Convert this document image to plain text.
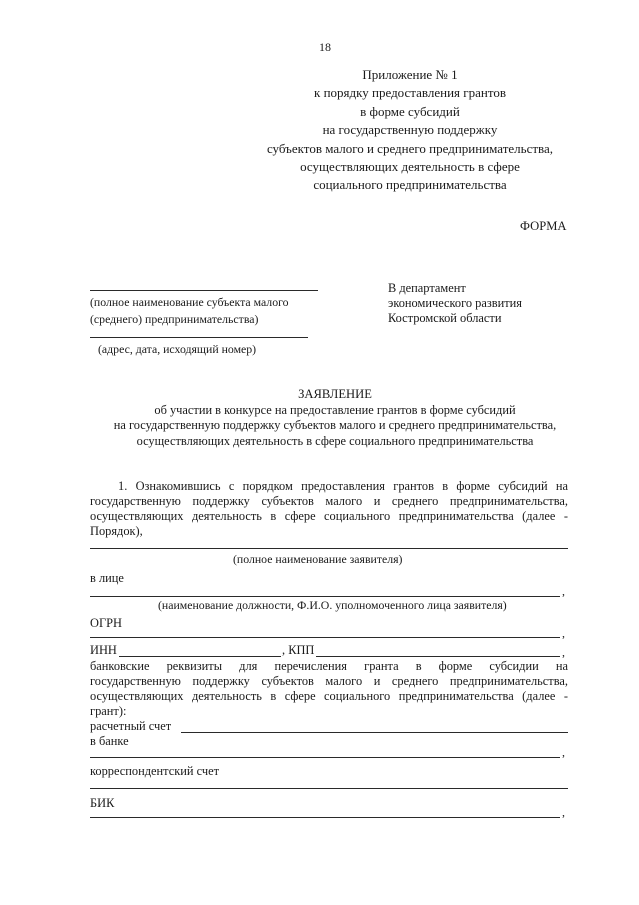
18
Приложение № 1
к порядку предоставления грантов
в форме субсидий
на государственную поддержку
субъектов малого и среднего предпринимательства,
осуществляющих деятельность в сфере
социального предпринимательства
ФОРМА
(полное наименование субъекта малого
(среднего) предпринимательства)
(адрес, дата, исходящий номер)
В департамент
экономического развития
Костромской области
ЗАЯВЛЕНИЕ
об участии в конкурсе на предоставление грантов в форме субсидий
на государственную поддержку субъектов малого и среднего предпринимательства,
осуществляющих деятельность в сфере социального предпринимательства
1. Ознакомившись с порядком предоставления грантов в форме субсидий на
государственную поддержку субъектов малого и среднего предпринимательства,
осуществляющих деятельность в сфере социального предпринимательства (далее -
Порядок),
(полное наименование заявителя)
в лице
,
(наименование должности, Ф.И.О. уполномоченного лица заявителя)
ОГРН
,
ИНН	, КПП	,
банковские реквизиты для перечисления гранта в форме субсидии на
государственную поддержку субъектов малого и среднего предпринимательства,
осуществляющих деятельность в сфере социального предпринимательства (далее -
грант):
расчетный счет
в банке
,
корреспондентский счет
БИК
,
